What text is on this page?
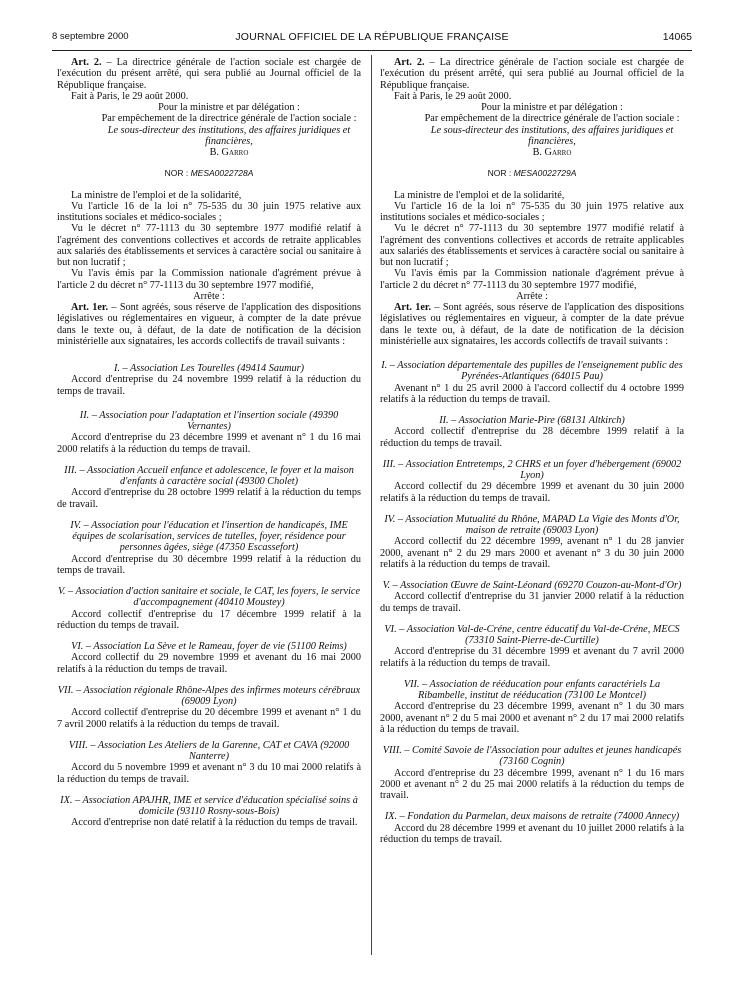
8 septembre 2000	JOURNAL OFFICIEL DE LA RÉPUBLIQUE FRANÇAISE	14065

Art. 2. – La directrice générale de l'action sociale est chargée de l'exécution du présent arrêté, qui sera publié au Journal officiel de la République française.

Fait à Paris, le 29 août 2000.

Pour la ministre et par délégation :

Par empêchement de la directrice générale de l'action sociale :

Le sous-directeur des institutions, des affaires juridiques et financières,

B. Garro

NOR : MESA0022728A

La ministre de l'emploi et de la solidarité,

Vu l'article 16 de la loi n° 75-535 du 30 juin 1975 relative aux institutions sociales et médico-sociales ;

Vu le décret n° 77-1113 du 30 septembre 1977 modifié relatif à l'agrément des conventions collectives et accords de retraite applicables aux salariés des établissements et services à caractère social ou sanitaire à but non lucratif ;

Vu l'avis émis par la Commission nationale d'agrément prévue à l'article 2 du décret n° 77-1113 du 30 septembre 1977 modifié,

Arrête :

Art. 1er. – Sont agréés, sous réserve de l'application des dispositions législatives ou réglementaires en vigueur, à compter de la date prévue dans le texte ou, à défaut, de la date de notification de la décision ministérielle aux signataires, les accords collectifs de travail suivants :

I. – Association Les Tourelles (49414 Saumur)

Accord d'entreprise du 24 novembre 1999 relatif à la réduction du temps de travail.

II. – Association pour l'adaptation et l'insertion sociale (49390 Vernantes)

Accord d'entreprise du 23 décembre 1999 et avenant n° 1 du 16 mai 2000 relatifs à la réduction du temps de travail.

III. – Association Accueil enfance et adolescence, le foyer et la maison d'enfants à caractère social (49300 Cholet)

Accord d'entreprise du 28 octobre 1999 relatif à la réduction du temps de travail.

IV. – Association pour l'éducation et l'insertion de handicapés, IME équipes de scolarisation, services de tutelles, foyer, résidence pour personnes âgées, siège (47350 Escassefort)

Accord d'entreprise du 30 décembre 1999 relatif à la réduction du temps de travail.

V. – Association d'action sanitaire et sociale, le CAT, les foyers, le service d'accompagnement (40410 Moustey)

Accord collectif d'entreprise du 17 décembre 1999 relatif à la réduction du temps de travail.

VI. – Association La Sève et le Rameau, foyer de vie (51100 Reims)

Accord collectif du 29 novembre 1999 et avenant du 16 mai 2000 relatifs à la réduction du temps de travail.

VII. – Association régionale Rhône-Alpes des infirmes moteurs cérébraux (69009 Lyon)

Accord collectif d'entreprise du 20 décembre 1999 et avenant n° 1 du 7 avril 2000 relatifs à la réduction du temps de travail.

VIII. – Association Les Ateliers de la Garenne, CAT et CAVA (92000 Nanterre)

Accord du 5 novembre 1999 et avenant n° 3 du 10 mai 2000 relatifs à la réduction du temps de travail.

IX. – Association APAJHR, IME et service d'éducation spécialisé soins à domicile (93110 Rosny-sous-Bois)

Accord d'entreprise non daté relatif à la réduction du temps de travail.

Art. 2. – La directrice générale de l'action sociale est chargée de l'exécution du présent arrêté, qui sera publié au Journal officiel de la République française.

Fait à Paris, le 29 août 2000.

Pour la ministre et par délégation :

Par empêchement de la directrice générale de l'action sociale :

Le sous-directeur des institutions, des affaires juridiques et financières,

B. Garro

NOR : MESA0022729A

La ministre de l'emploi et de la solidarité,

Vu l'article 16 de la loi n° 75-535 du 30 juin 1975 relative aux institutions sociales et médico-sociales ;

Vu le décret n° 77-1113 du 30 septembre 1977 modifié relatif à l'agrément des conventions collectives et accords de retraite applicables aux salariés des établissements et services à caractère social ou sanitaire à but non lucratif ;

Vu l'avis émis par la Commission nationale d'agrément prévue à l'article 2 du décret n° 77-1113 du 30 septembre 1977 modifié,

Arrête :

Art. 1er. – Sont agréés, sous réserve de l'application des dispositions législatives ou réglementaires en vigueur, à compter de la date prévue dans le texte ou, à défaut, de la date de notification de la décision ministérielle aux signataires, les accords collectifs de travail suivants :

I. – Association départementale des pupilles de l'enseignement public des Pyrénées-Atlantiques (64015 Pau)

Avenant n° 1 du 25 avril 2000 à l'accord collectif du 4 octobre 1999 relatifs à la réduction du temps de travail.

II. – Association Marie-Pire (68131 Altkirch)

Accord collectif d'entreprise du 28 décembre 1999 relatif à la réduction du temps de travail.

III. – Association Entretemps, 2 CHRS et un foyer d'hébergement (69002 Lyon)

Accord collectif du 29 décembre 1999 et avenant du 30 juin 2000 relatifs à la réduction du temps de travail.

IV. – Association Mutualité du Rhône, MAPAD La Vigie des Monts d'Or, maison de retraite (69003 Lyon)

Accord collectif du 22 décembre 1999, avenant n° 1 du 28 janvier 2000, avenant n° 2 du 29 mars 2000 et avenant n° 3 du 30 juin 2000 relatifs à la réduction du temps de travail.

V. – Association Œuvre de Saint-Léonard (69270 Couzon-au-Mont-d'Or)

Accord collectif d'entreprise du 31 janvier 2000 relatif à la réduction du temps de travail.

VI. – Association Val-de-Créne, centre éducatif du Val-de-Créne, MECS (73310 Saint-Pierre-de-Curtille)

Accord d'entreprise du 31 décembre 1999 et avenant du 7 avril 2000 relatifs à la réduction du temps de travail.

VII. – Association de rééducation pour enfants caractériels La Ribambelle, institut de rééducation (73100 Le Montcel)

Accord d'entreprise du 23 décembre 1999, avenant n° 1 du 30 mars 2000, avenant n° 2 du 5 mai 2000 et avenant n° 2 du 17 mai 2000 relatifs à la réduction du temps de travail.

VIII. – Comité Savoie de l'Association pour adultes et jeunes handicapés (73160 Cognin)

Accord d'entreprise du 23 décembre 1999, avenant n° 1 du 16 mars 2000 et avenant n° 2 du 25 mai 2000 relatifs à la réduction du temps de travail.

IX. – Fondation du Parmelan, deux maisons de retraite (74000 Annecy)

Accord du 28 décembre 1999 et avenant du 10 juillet 2000 relatifs à la réduction du temps de travail.
